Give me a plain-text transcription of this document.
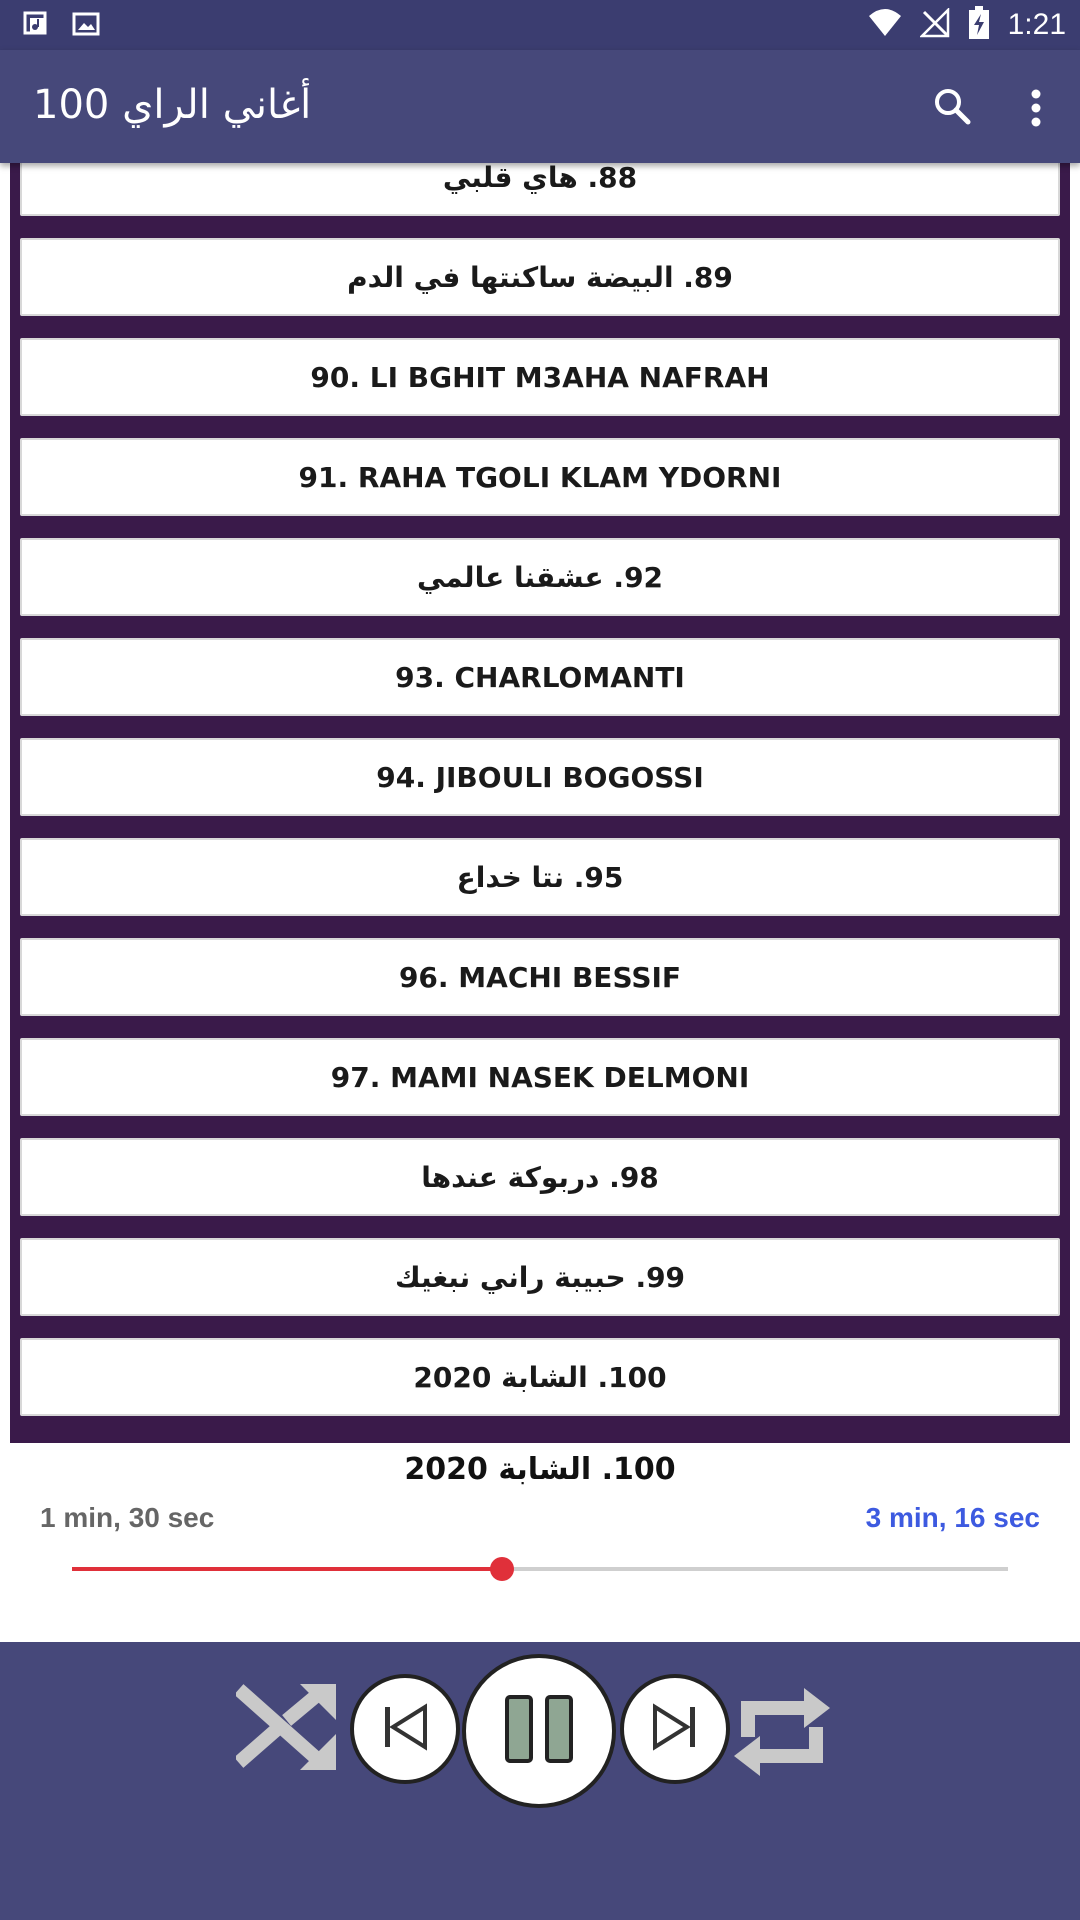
1:21
100 أغاني الراي
88. هاي قلبي
89. البيضة ساكنتها في الدم
90. LI BGHIT M3AHA NAFRAH
91. RAHA TGOLI KLAM YDORNI
92. عشقنا عالمي
93. CHARLOMANTI
94. JIBOULI BOGOSSI
95. نتا خداع
96. MACHI BESSIF
97. MAMI NASEK DELMONI
98. دربوكة عندها
99. حبيبة راني نبغيك
100. الشابة 2020
100. الشابة 2020
1 min, 30 sec	3 min, 16 sec
